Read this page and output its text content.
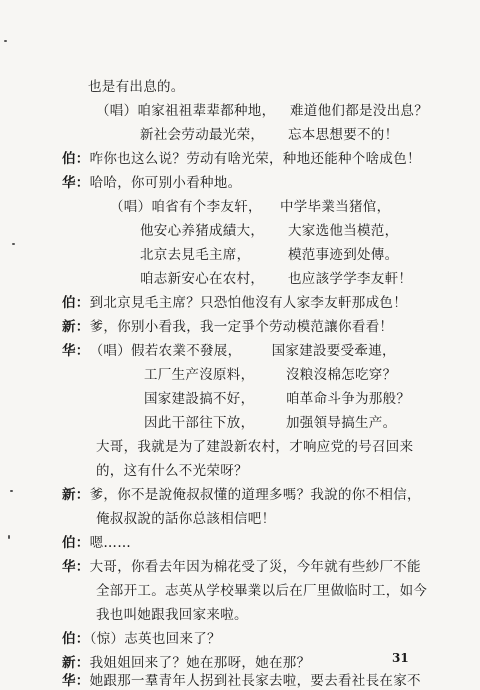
也是有出息的。
（唱）咱家祖祖辈辈都种地， 难道他们都是没出息？
新社会劳动最光荣， 忘本思想要不的！
伯：咋你也这么说？劳动有啥光荣，种地还能种个啥成色！
华：哈哈，你可别小看种地。
（唱）咱省有个李友轩， 中学毕業当猪倌，
他安心养猪成績大， 大家选他当模范，
北京去見毛主席，	模范事迹到处傳。
咱志新安心在农村， 也应該学学李友軒！
伯：到北京見毛主席？只恐怕他沒有人家李友軒那成色！
新：爹，你别小看我，我一定爭个劳动模范讓你看看！
华：（唱）假若农業不發展， 国家建設要受牽連，
工厂生产沒原料， 沒粮沒棉怎吃穿？
国家建設搞不好， 咱革命斗争为那般？
因此干部往下放， 加强領导搞生产。
大哥，我就是为了建設新农村，才响应党的号召回来
的，这有什么不光荣呀？
新：爹，你不是說俺叔叔懂的道理多嗎？我說的你不相信，
俺叔叔說的話你总該相信吧！
伯：嗯……
华：大哥，你看去年因为棉花受了災，今年就有些紗厂不能
全部开工。志英从学校畢業以后在厂里做临时工，如今
我也叫她跟我回家来啦。
伯：（惊）志英也回来了？
新：我姐姐回来了？她在那呀，她在那？
华：她跟那一羣青年人拐到社長家去啦，要去看社長在家不
31
